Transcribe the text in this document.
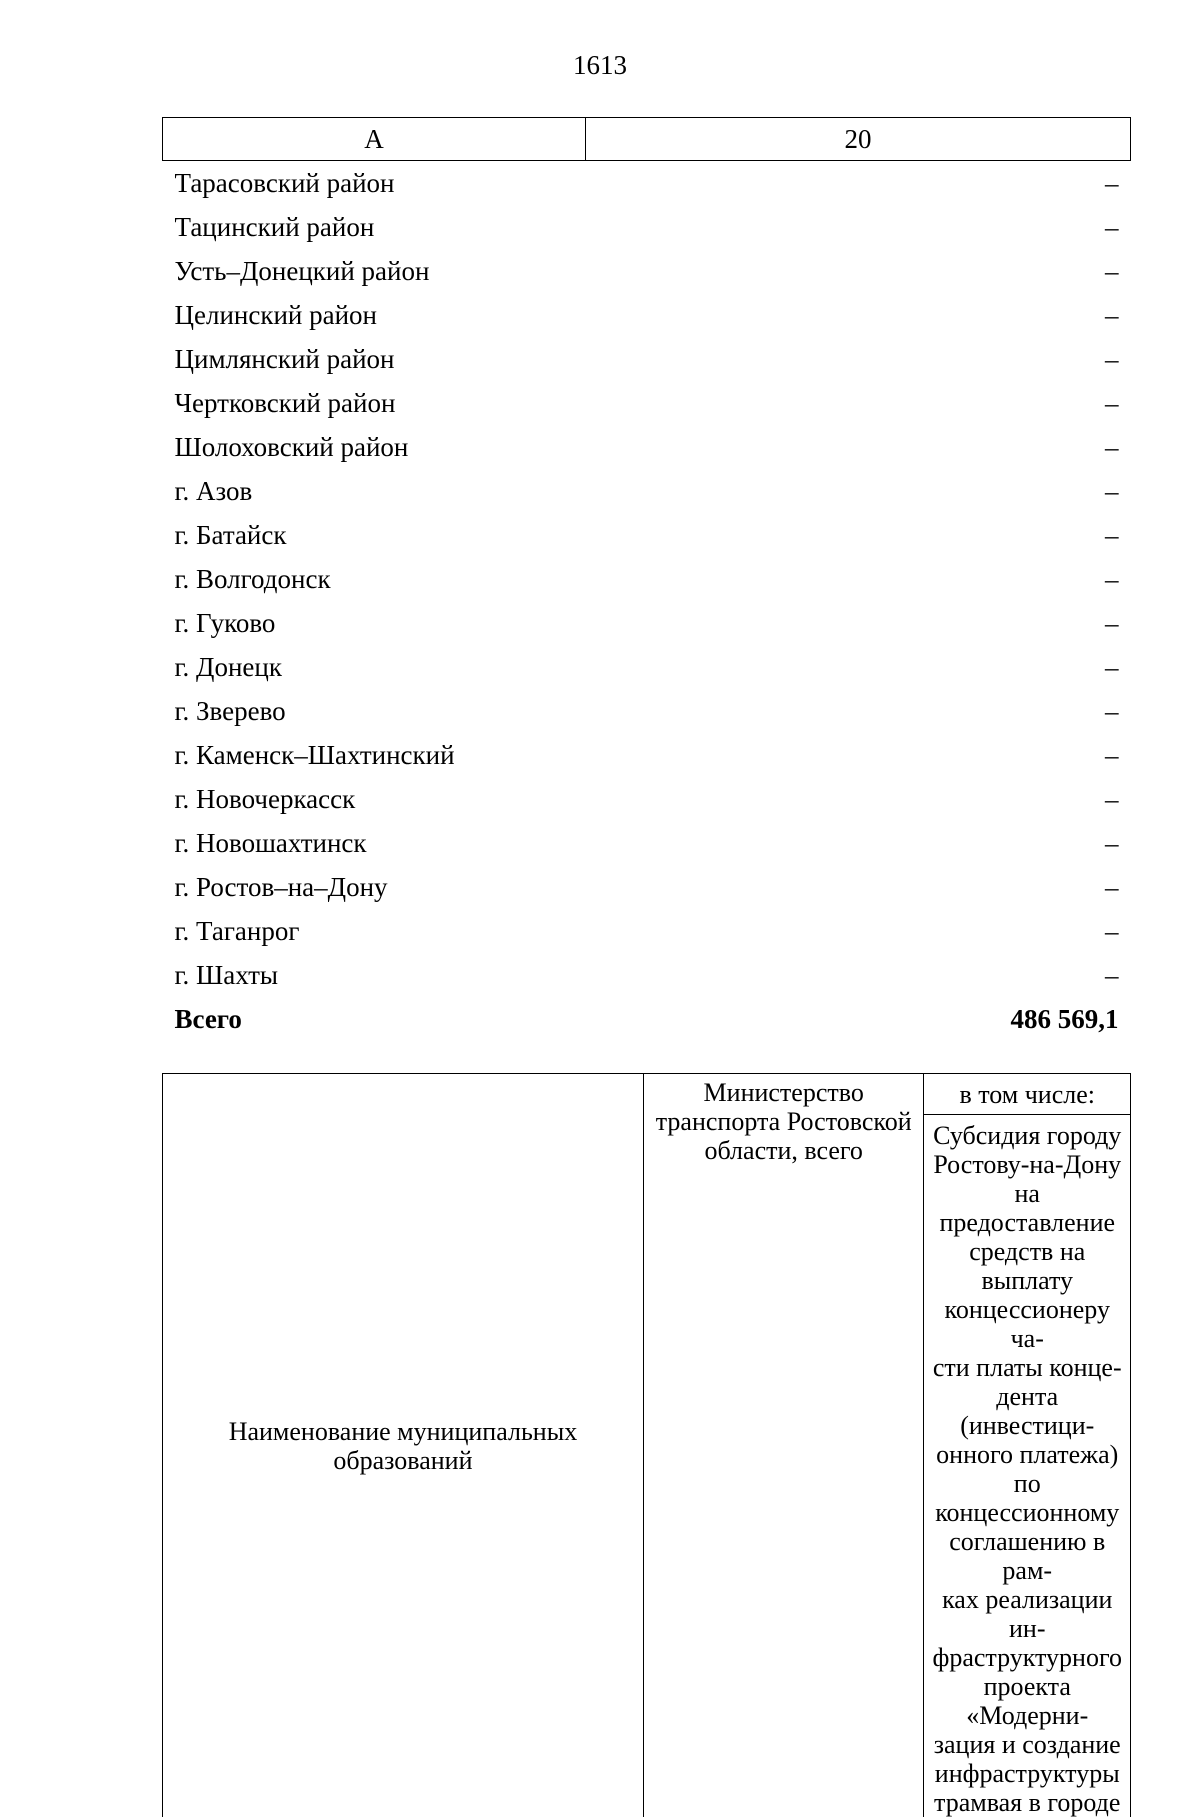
1613
А	20
Тарасовский район	–
Тацинский район	–
Усть–Донецкий район	–
Целинский район	–
Цимлянский район	–
Чертковский район	–
Шолоховский район	–
г. Азов	–
г. Батайск	–
г. Волгодонск	–
г. Гуково	–
г. Донецк	–
г. Зверево	–
г. Каменск–Шахтинский	–
г. Новочеркасск	–
г. Новошахтинск	–
г. Ростов–на–Дону	–
г. Таганрог	–
г. Шахты	–
Всего	486 569,1
Наименование муниципальных образований	Министерство транспорта Ростовской области, всего	в том числе:

Субсидия городу
Ростову-на-Дону на
предоставление
средств на выплату
концессионеру ча-
сти платы конце-
дента (инвестици-
онного платежа) по
концессионному
соглашению в рам-
ках реализации ин-
фраструктурного
проекта «Модерни-
зация и создание
инфраструктуры
трамвая в городе
